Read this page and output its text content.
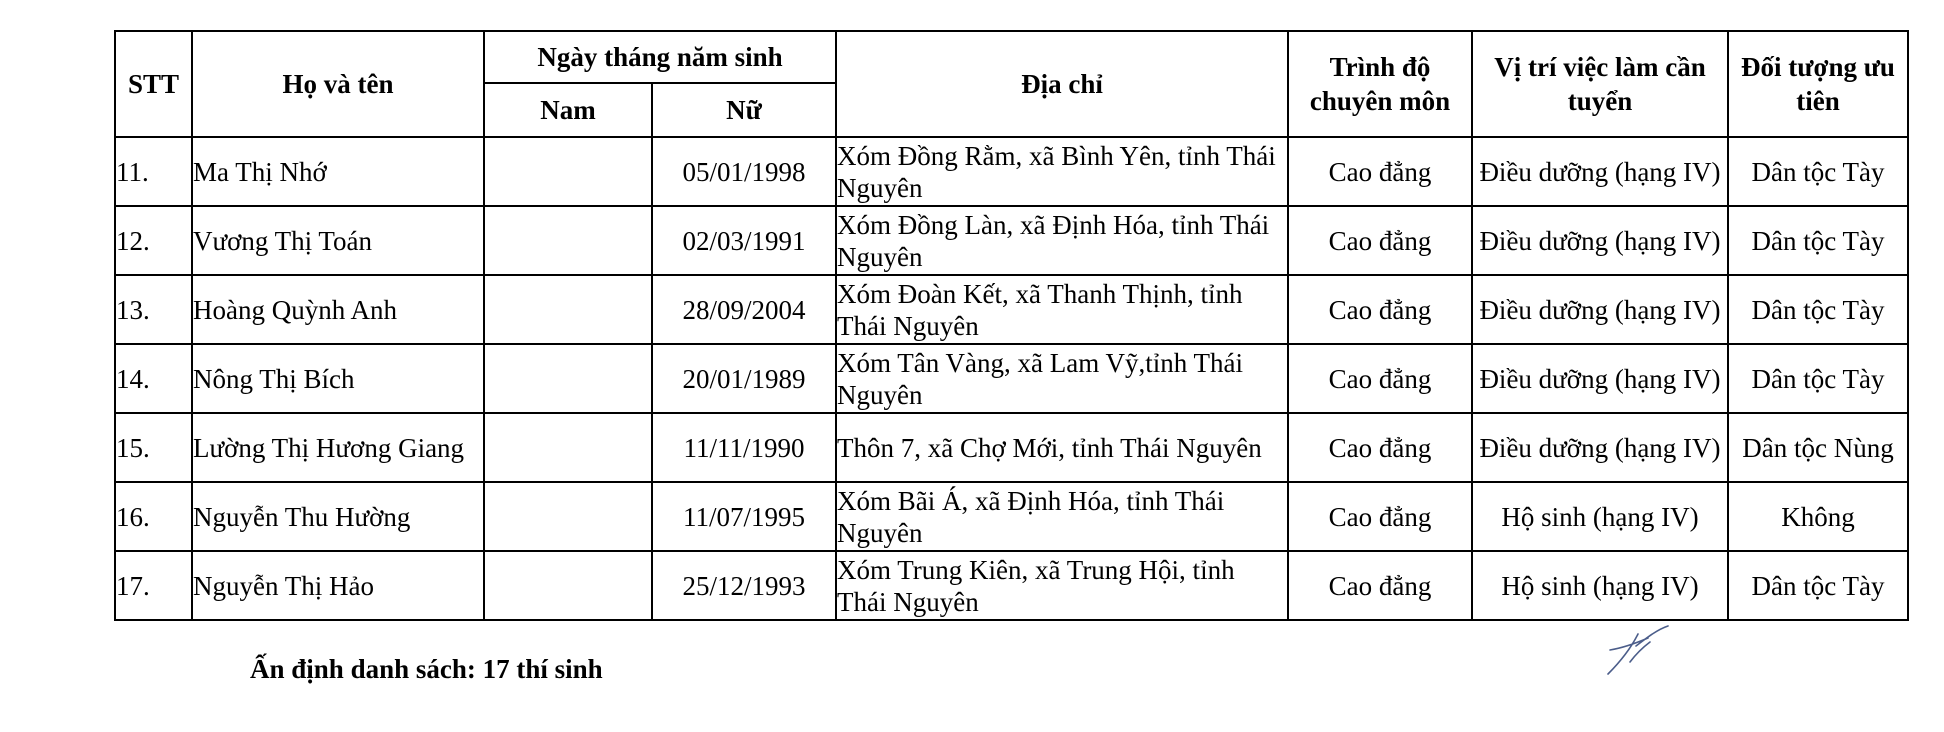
STT	Họ và tên	Ngày tháng năm sinh		Địa chỉ	Trình độ chuyên môn	Vị trí việc làm cần tuyển	Đối tượng ưu tiên
		Nam	Nữ				
11.	Ma Thị Nhớ		05/01/1998	Xóm Đồng Rằm, xã Bình Yên, tỉnh Thái Nguyên	Cao đẳng	Điều dưỡng (hạng IV)	Dân tộc Tày
12.	Vương Thị Toán		02/03/1991	Xóm Đồng Làn, xã Định Hóa, tỉnh Thái Nguyên	Cao đẳng	Điều dưỡng (hạng IV)	Dân tộc Tày
13.	Hoàng Quỳnh Anh		28/09/2004	Xóm Đoàn Kết, xã Thanh Thịnh, tỉnh Thái Nguyên	Cao đẳng	Điều dưỡng (hạng IV)	Dân tộc Tày
14.	Nông Thị Bích		20/01/1989	Xóm Tân Vàng, xã Lam Vỹ,tỉnh Thái Nguyên	Cao đẳng	Điều dưỡng (hạng IV)	Dân tộc Tày
15.	Lường Thị Hương Giang		11/11/1990	Thôn 7, xã Chợ Mới, tỉnh Thái Nguyên	Cao đẳng	Điều dưỡng (hạng IV)	Dân tộc Nùng
16.	Nguyễn Thu Hường		11/07/1995	Xóm Bãi Á, xã Định Hóa, tỉnh Thái Nguyên	Cao đẳng	Hộ sinh (hạng IV)	Không
17.	Nguyễn Thị Hảo		25/12/1993	Xóm Trung Kiên, xã Trung Hội, tỉnh Thái Nguyên	Cao đẳng	Hộ sinh (hạng IV)	Dân tộc Tày
Ấn định danh sách: 17 thí sinh
